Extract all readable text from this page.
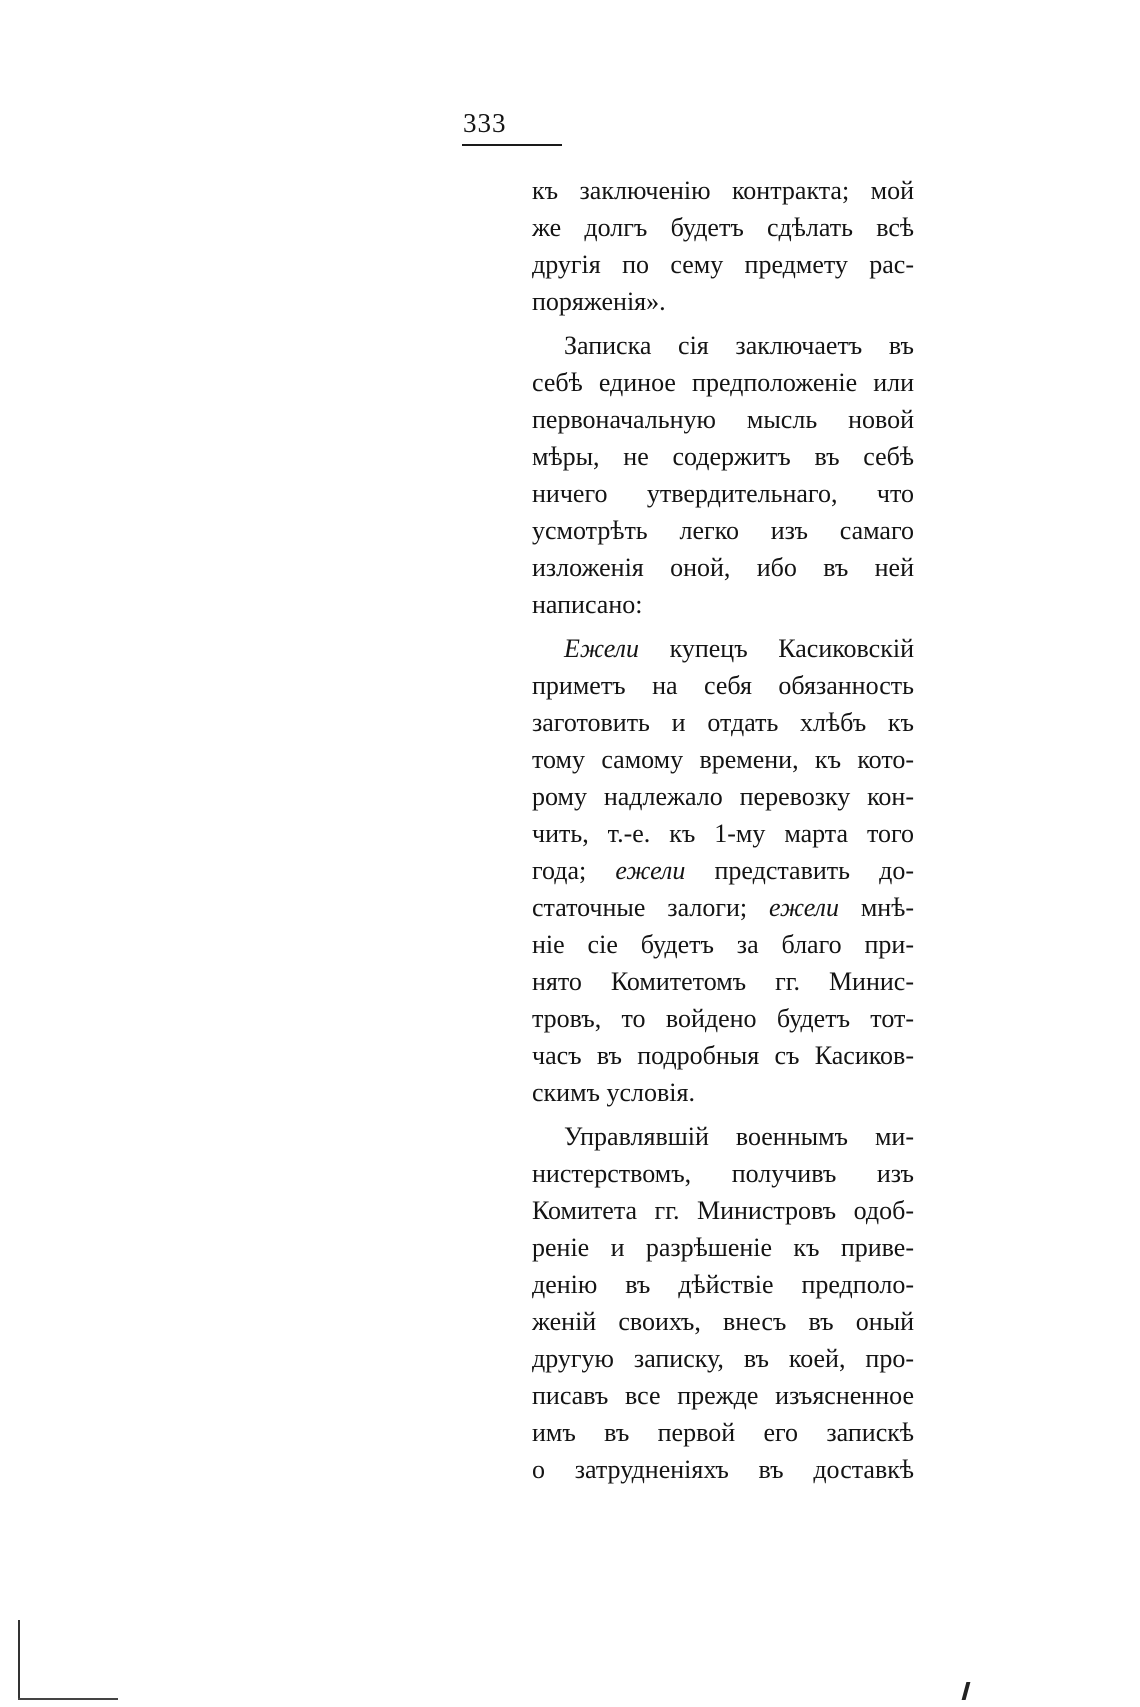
333
къ заключенію контракта; мой
же долгъ будетъ сдѣлать всѣ
другія по сему предмету рас-
поряженія».
Записка сія заключаетъ въ
себѣ единое предположеніе или
первоначальную мысль новой
мѣры, не содержитъ въ себѣ
ничего утвердительнаго, что
усмотрѣть легко изъ самаго
изложенія оной, ибо въ ней
написано:
Ежели купецъ Касиковскій
приметъ на себя обязанность
заготовить и отдать хлѣбъ къ
тому самому времени, къ кото-
рому надлежало перевозку кон-
чить, т.-е. къ 1-му марта того
года; ежели представить до-
статочные залоги; ежели мнѣ-
ніе сіе будетъ за благо при-
нято Комитетомъ гг. Минис-
тровъ, то войдено будетъ тот-
часъ въ подробныя съ Касиков-
скимъ условія.
Управлявшій военнымъ ми-
нистерствомъ, получивъ изъ
Комитета гг. Министровъ одоб-
реніе и разрѣшеніе къ приве-
денію въ дѣйствіе предполо-
женій своихъ, внесъ въ оный
другую записку, въ коей, про-
писавъ все прежде изъясненное
имъ въ первой его запискѣ
о затрудненіяхъ въ доставкѣ
